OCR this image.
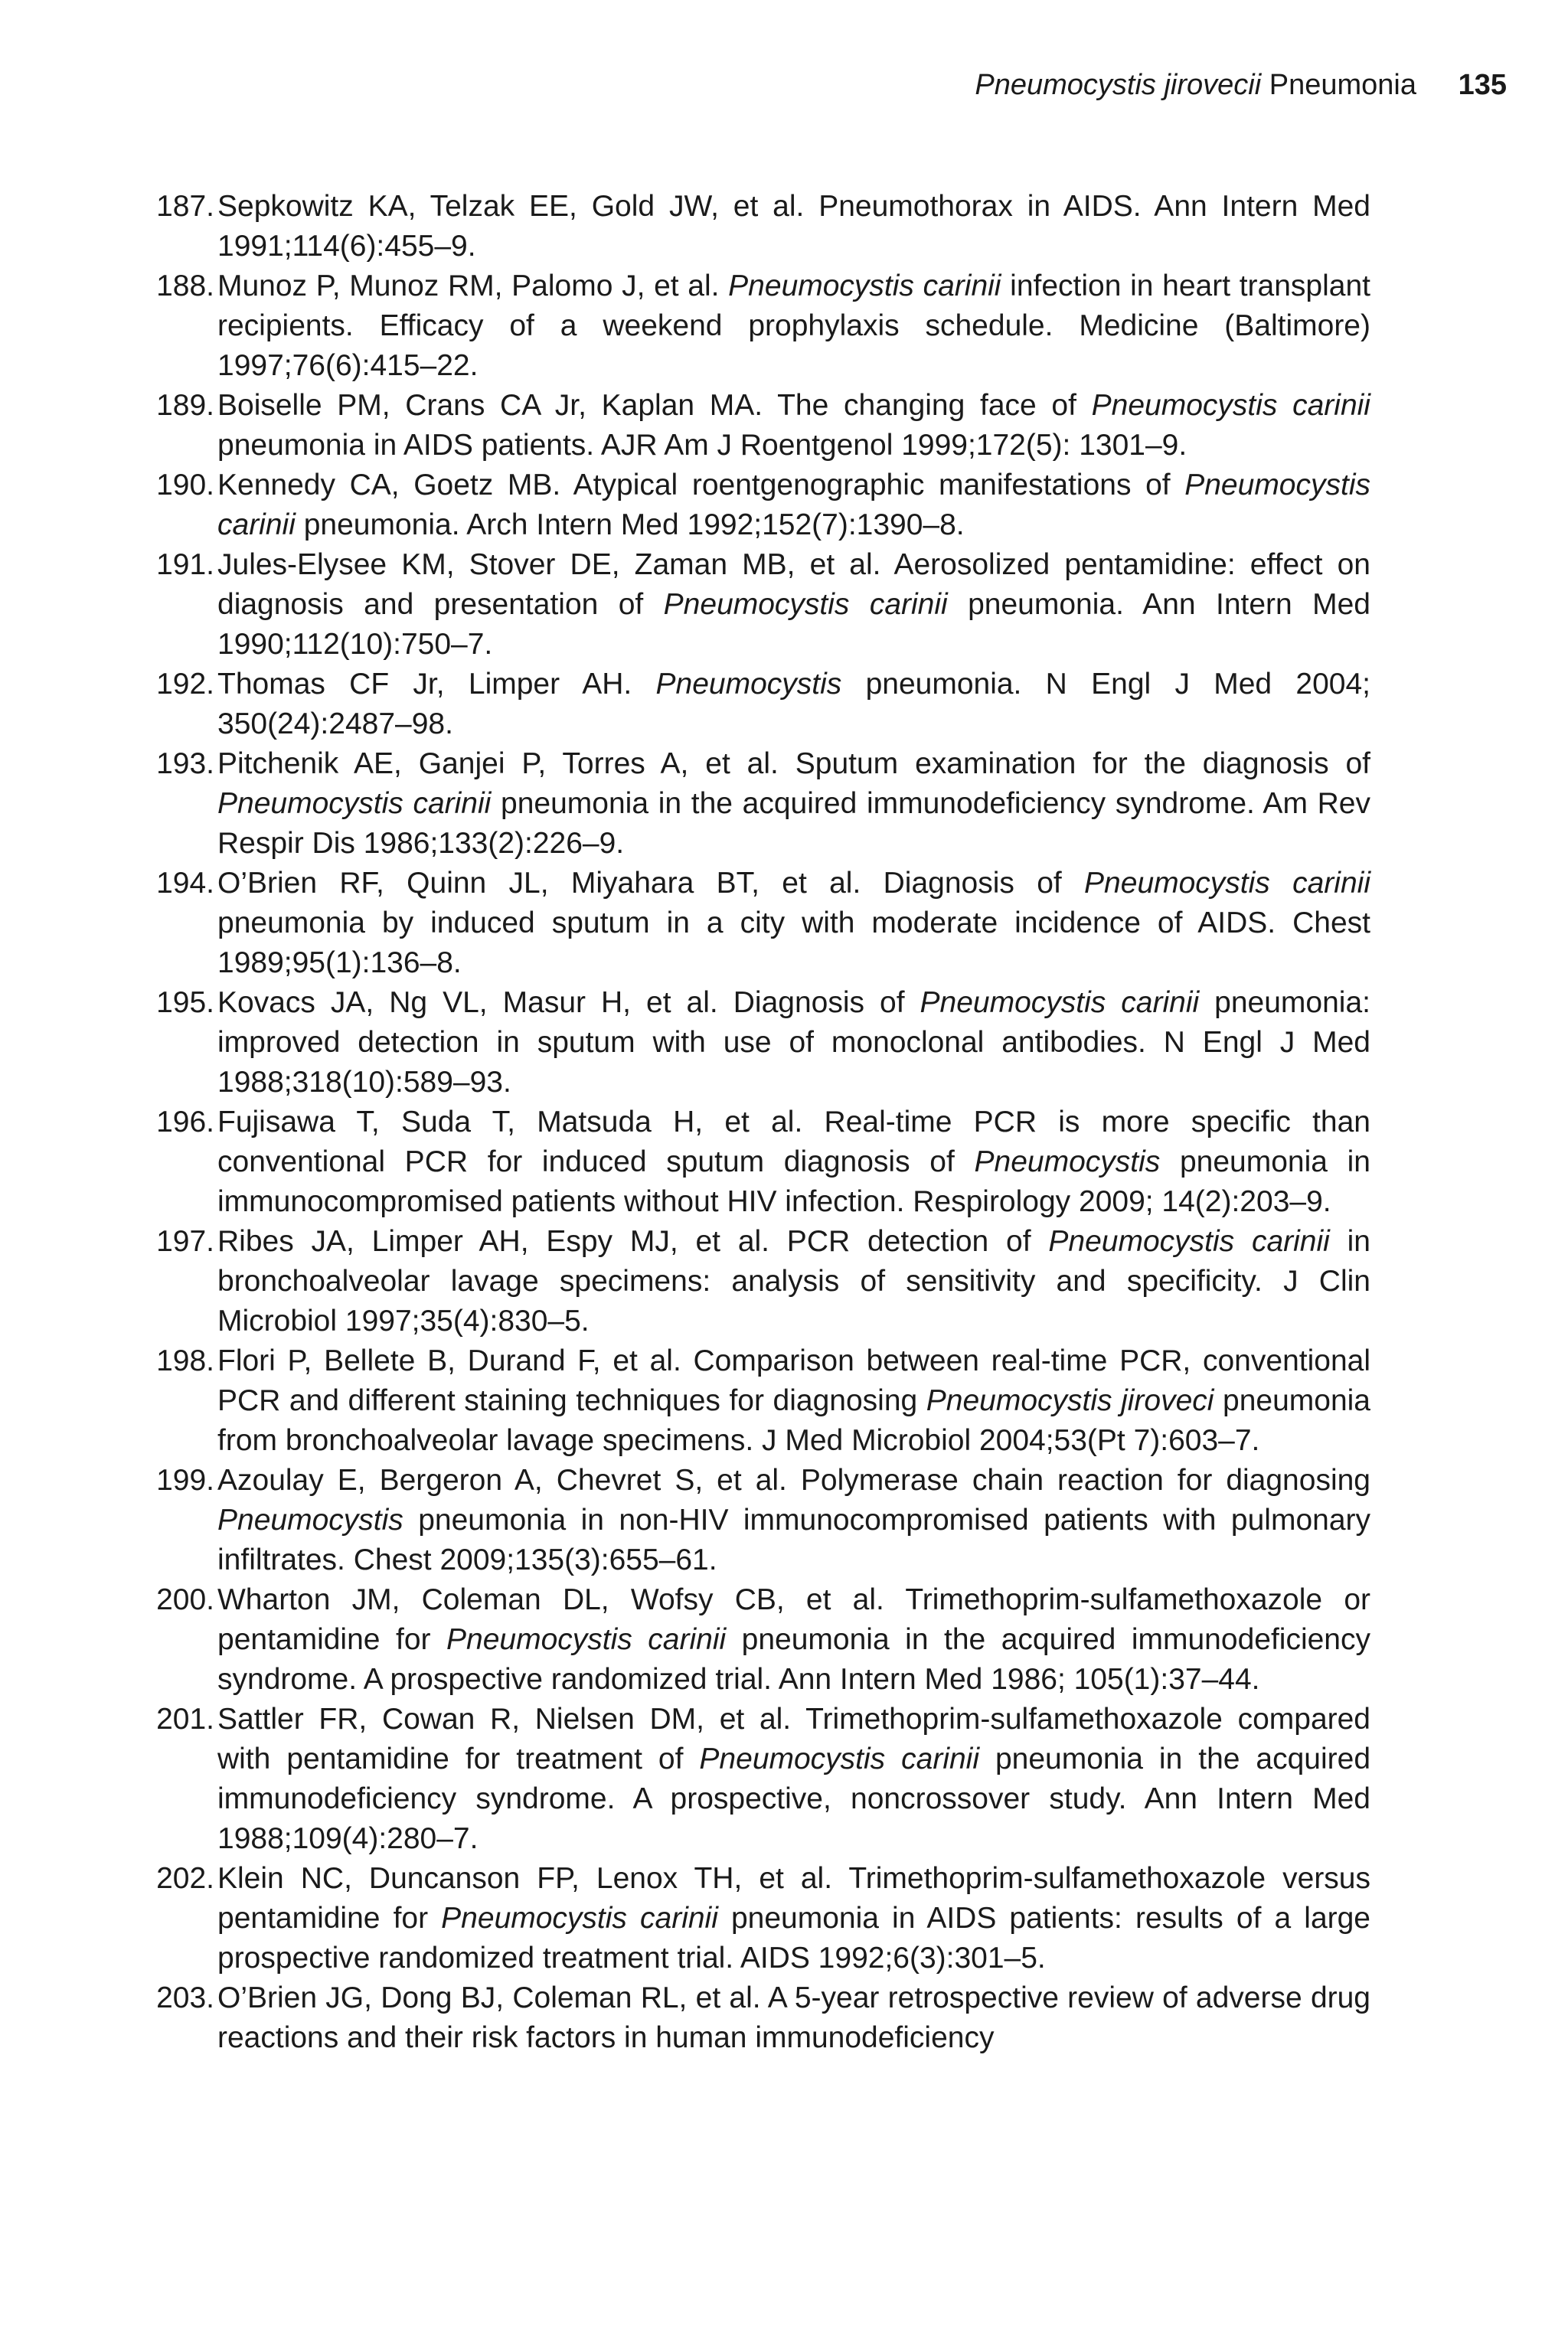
Pneumocystis jirovecii Pneumonia 135
187. Sepkowitz KA, Telzak EE, Gold JW, et al. Pneumothorax in AIDS. Ann Intern Med 1991;114(6):455–9.
188. Munoz P, Munoz RM, Palomo J, et al. Pneumocystis carinii infection in heart transplant recipients. Efficacy of a weekend prophylaxis schedule. Medicine (Baltimore) 1997;76(6):415–22.
189. Boiselle PM, Crans CA Jr, Kaplan MA. The changing face of Pneumocystis carinii pneumonia in AIDS patients. AJR Am J Roentgenol 1999;172(5): 1301–9.
190. Kennedy CA, Goetz MB. Atypical roentgenographic manifestations of Pneumocystis carinii pneumonia. Arch Intern Med 1992;152(7):1390–8.
191. Jules-Elysee KM, Stover DE, Zaman MB, et al. Aerosolized pentamidine: effect on diagnosis and presentation of Pneumocystis carinii pneumonia. Ann Intern Med 1990;112(10):750–7.
192. Thomas CF Jr, Limper AH. Pneumocystis pneumonia. N Engl J Med 2004; 350(24):2487–98.
193. Pitchenik AE, Ganjei P, Torres A, et al. Sputum examination for the diagnosis of Pneumocystis carinii pneumonia in the acquired immunodeficiency syndrome. Am Rev Respir Dis 1986;133(2):226–9.
194. O’Brien RF, Quinn JL, Miyahara BT, et al. Diagnosis of Pneumocystis carinii pneumonia by induced sputum in a city with moderate incidence of AIDS. Chest 1989;95(1):136–8.
195. Kovacs JA, Ng VL, Masur H, et al. Diagnosis of Pneumocystis carinii pneumonia: improved detection in sputum with use of monoclonal antibodies. N Engl J Med 1988;318(10):589–93.
196. Fujisawa T, Suda T, Matsuda H, et al. Real-time PCR is more specific than conventional PCR for induced sputum diagnosis of Pneumocystis pneumonia in immunocompromised patients without HIV infection. Respirology 2009; 14(2):203–9.
197. Ribes JA, Limper AH, Espy MJ, et al. PCR detection of Pneumocystis carinii in bronchoalveolar lavage specimens: analysis of sensitivity and specificity. J Clin Microbiol 1997;35(4):830–5.
198. Flori P, Bellete B, Durand F, et al. Comparison between real-time PCR, conventional PCR and different staining techniques for diagnosing Pneumocystis jiroveci pneumonia from bronchoalveolar lavage specimens. J Med Microbiol 2004;53(Pt 7):603–7.
199. Azoulay E, Bergeron A, Chevret S, et al. Polymerase chain reaction for diagnosing Pneumocystis pneumonia in non-HIV immunocompromised patients with pulmonary infiltrates. Chest 2009;135(3):655–61.
200. Wharton JM, Coleman DL, Wofsy CB, et al. Trimethoprim-sulfamethoxazole or pentamidine for Pneumocystis carinii pneumonia in the acquired immunodeficiency syndrome. A prospective randomized trial. Ann Intern Med 1986; 105(1):37–44.
201. Sattler FR, Cowan R, Nielsen DM, et al. Trimethoprim-sulfamethoxazole compared with pentamidine for treatment of Pneumocystis carinii pneumonia in the acquired immunodeficiency syndrome. A prospective, noncrossover study. Ann Intern Med 1988;109(4):280–7.
202. Klein NC, Duncanson FP, Lenox TH, et al. Trimethoprim-sulfamethoxazole versus pentamidine for Pneumocystis carinii pneumonia in AIDS patients: results of a large prospective randomized treatment trial. AIDS 1992;6(3):301–5.
203. O’Brien JG, Dong BJ, Coleman RL, et al. A 5-year retrospective review of adverse drug reactions and their risk factors in human immunodeficiency
